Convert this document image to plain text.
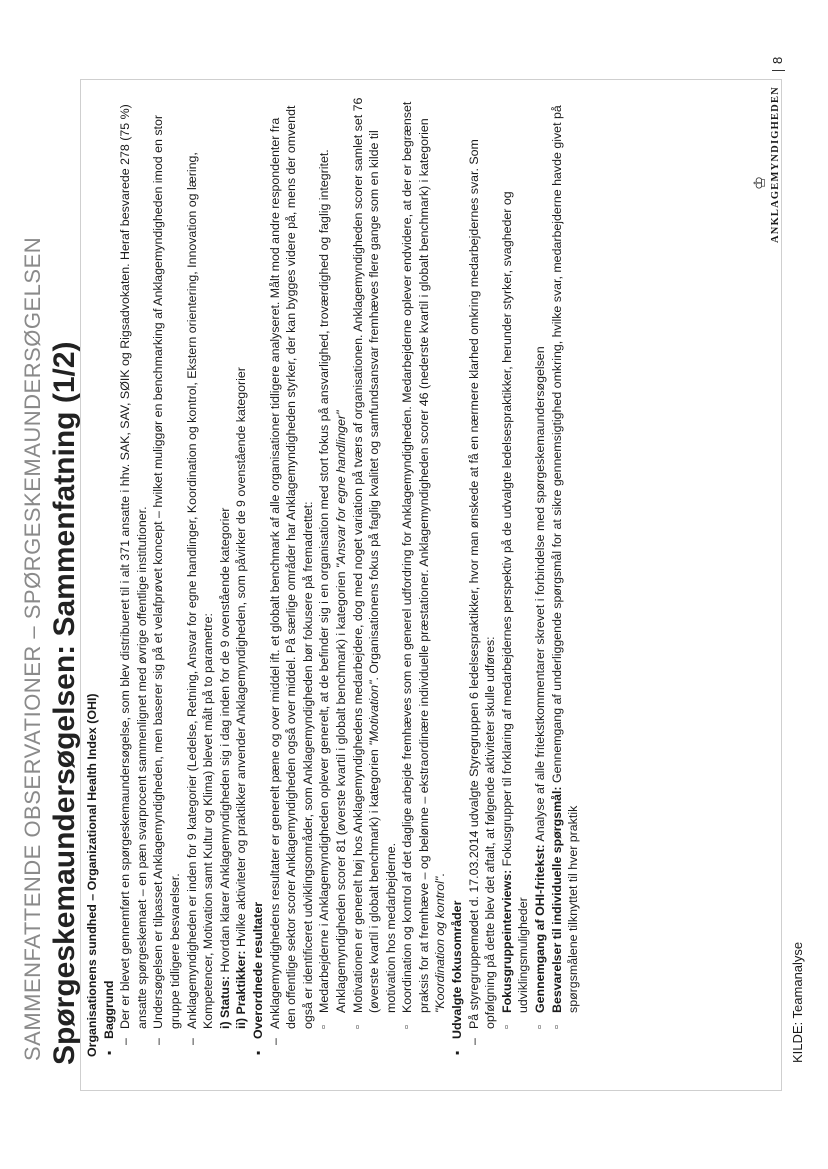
SAMMENFATTENDE OBSERVATIONER – SPØRGESKEMAUNDERSØGELSEN Spørgeskemaundersøgelsen: Sammenfatning (1/2) Organisationens sundhed – Organizational Health Index (OHI) ▪ Baggrund – Der er blevet gennemført en spørgeskemaundersøgelse, som blev distribueret til i alt 371 ansatte i hhv. SAK, SAV, SØIK og Rigsadvokaten. Heraf besvarede 278 (75 %) ansatte spørgeskemaet – en pæn svarprocent sammenlignet med øvrige offentlige institutioner. – Undersøgelsen er tilpasset Anklagemyndigheden, men baserer sig på et velafprøvet koncept – hvilket muliggør en benchmarking af Anklagemyndigheden imod en stor gruppe tidligere besvarelser. – Anklagemyndigheden er inden for 9 kategorier (Ledelse, Retning, Ansvar for egne handlinger, Koordination og kontrol, Ekstern orientering, Innovation og læring, Kompetencer, Motivation samt Kultur og Klima) blevet målt på to parametre: i) Status: Hvordan klarer Anklagemyndigheden sig i dag inden for de 9 ovenstående kategorier
ii) Praktikker: Hvilke aktiviteter og praktikker anvender Anklagemyndigheden, som påvirker de 9 ovenstående kategorier
▪ Overordnede resultater – Anklagemyndighedens resultater er generelt pæne og over middel ift. et globalt benchmark af alle organisationer tidligere analyseret. Målt mod andre respondenter fra den offentlige sektor scorer Anklagemyndigheden også over middel. På særlige områder har Anklagemyndigheden styrker, der kan bygges videre på, mens der omvendt også er identificeret udviklingsområder, som Anklagemyndigheden bør fokusere på fremadrettet: ▫ Medarbejderne i Anklagemyndigheden oplever generelt, at de befinder sig i en organisation med stort fokus på ansvarlighed, troværdighed og faglig integritet. Anklagemyndigheden scorer 81 (øverste kvartil i globalt benchmark) i kategorien "Ansvar for egne handlinger" ▫ Motivationen er generelt høj hos Anklagemyndighedens medarbejdere, dog med noget variation på tværs af organisationen. Anklagemyndigheden scorer samlet set 76 (øverste kvartil i globalt benchmark) i kategorien "Motivation". Organisationens fokus på faglig kvalitet og samfundsansvar fremhæves flere gange som en kilde til motivation hos medarbejderne. ▫ Koordination og kontrol af det daglige arbejde fremhæves som en generel udfordring for Anklagemyndigheden. Medarbejderne oplever endvidere, at der er begrænset praksis for at fremhæve – og belønne – ekstraordinære individuelle præstationer. Anklagemyndigheden scorer 46 (nederste kvartil i globalt benchmark) i kategorien "Koordination og kontrol".
▪ Udvalgte fokusområder – På styregruppemødet d. 17.03.2014 udvalgte Styregruppen 6 ledelsespraktikker, hvor man ønskede at få en nærmere klarhed omkring medarbejdernes svar. Som opfølgning på dette blev det aftalt, at følgende aktiviteter skulle udføres: ▫ Fokusgruppeinterviews: Fokusgrupper til forklaring af medarbejdernes perspektiv på de udvalgte ledelsespraktikker, herunder styrker, svagheder og udviklingsmuligheder ▫ Gennemgang af OHI-fritekst: Analyse af alle fritekstkommentarer skrevet i forbindelse med spørgeskemaundersøgelsen
▫ Besvarelser til individuelle spørgsmål: Gennemgang af underliggende spørgsmål for at sikre gennemsigtighed omkring, hvilke svar, medarbejderne havde givet på spørgsmålene tilknyttet til hver praktik	KILDE: Teamanalyse
♔ ANKLAGEMYNDIGHEDEN
8
